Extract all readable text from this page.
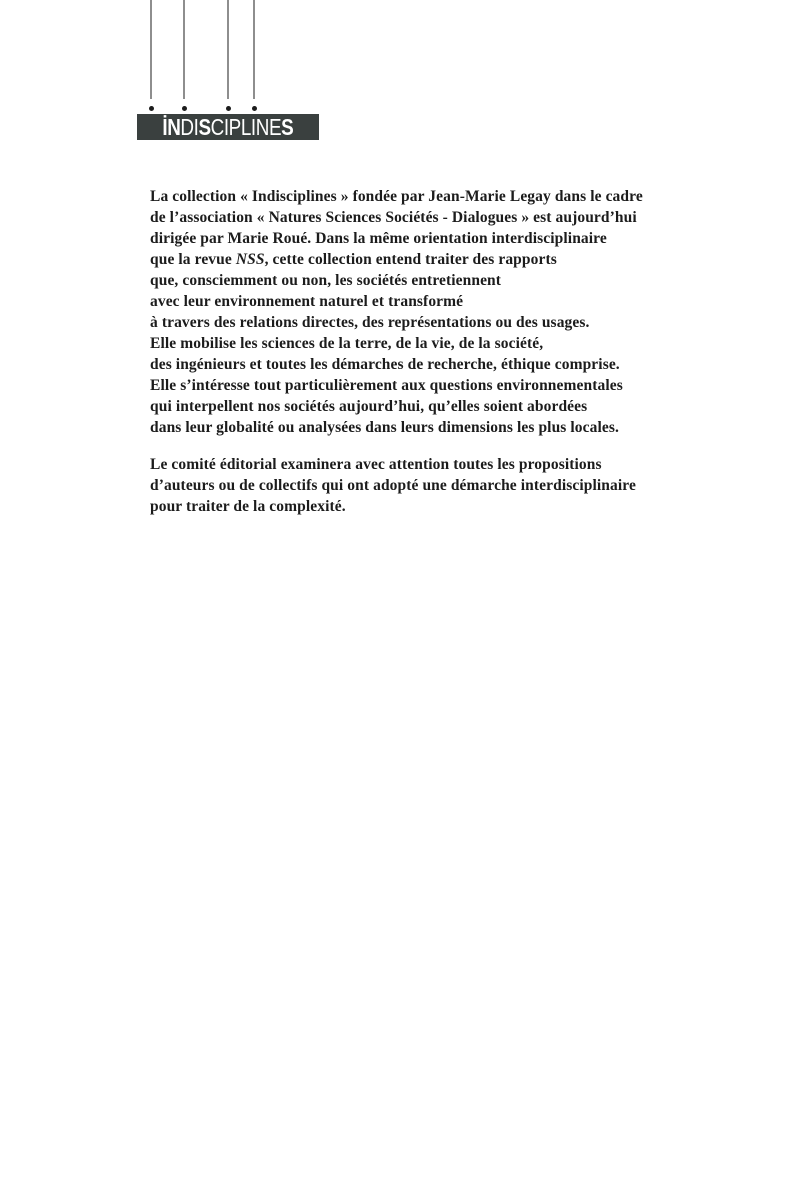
İNDISCIPLINES
La collection « Indisciplines » fondée par Jean-Marie Legay dans le cadre
de l’association « Natures Sciences Sociétés - Dialogues » est aujourd’hui
dirigée par Marie Roué. Dans la même orientation interdisciplinaire
que la revue NSS, cette collection entend traiter des rapports
que, consciemment ou non, les sociétés entretiennent
avec leur environnement naturel et transformé
à travers des relations directes, des représentations ou des usages.
Elle mobilise les sciences de la terre, de la vie, de la société,
des ingénieurs et toutes les démarches de recherche, éthique comprise.
Elle s’intéresse tout particulièrement aux questions environnementales
qui interpellent nos sociétés aujourd’hui, qu’elles soient abordées
dans leur globalité ou analysées dans leurs dimensions les plus locales.
Le comité éditorial examinera avec attention toutes les propositions
d’auteurs ou de collectifs qui ont adopté une démarche interdisciplinaire
pour traiter de la complexité.
